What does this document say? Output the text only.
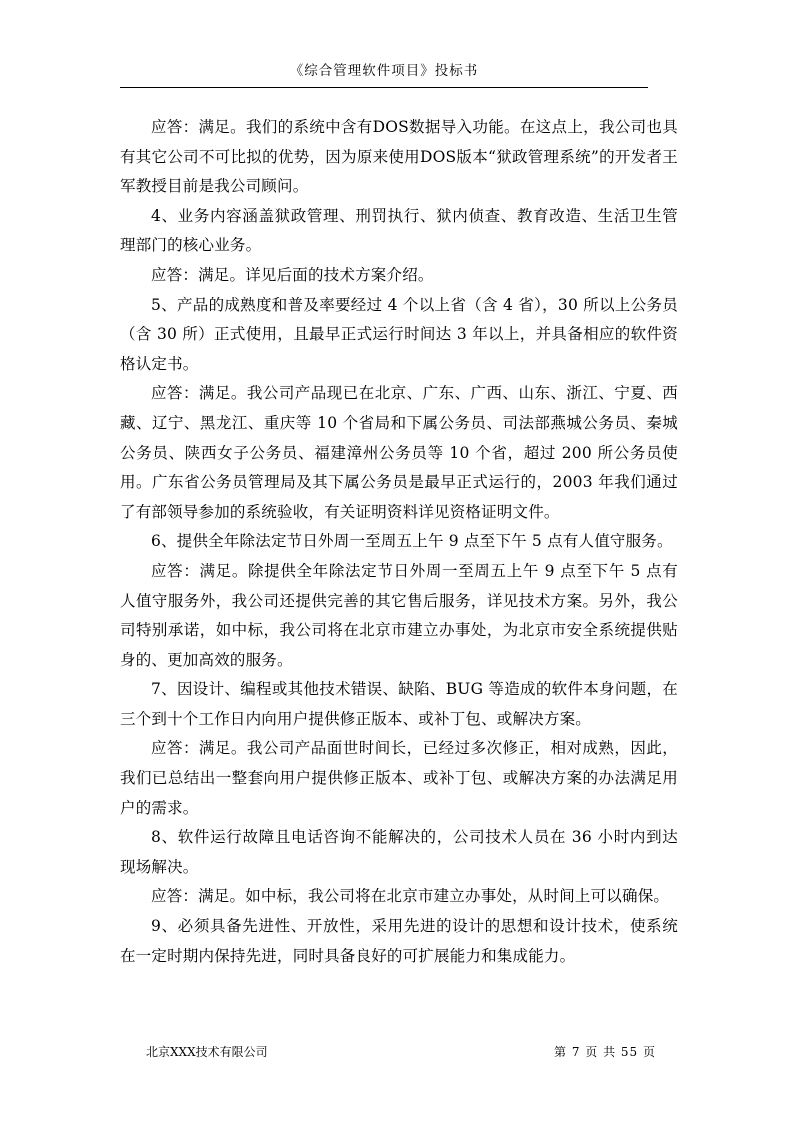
《综合管理软件项目》投标书

应答：满足。我们的系统中含有DOS数据导入功能。在这点上，我公司也具有其它公司不可比拟的优势，因为原来使用DOS版本“狱政管理系统”的开发者王军教授目前是我公司顾问。

4、业务内容涵盖狱政管理、刑罚执行、狱内侦查、教育改造、生活卫生管理部门的核心业务。

应答：满足。详见后面的技术方案介绍。

5、产品的成熟度和普及率要经过 4 个以上省（含 4 省），30 所以上公务员（含 30 所）正式使用，且最早正式运行时间达 3 年以上，并具备相应的软件资格认定书。

应答：满足。我公司产品现已在北京、广东、广西、山东、浙江、宁夏、西藏、辽宁、黑龙江、重庆等 10 个省局和下属公务员、司法部燕城公务员、秦城公务员、陕西女子公务员、福建漳州公务员等 10 个省，超过 200 所公务员使用。广东省公务员管理局及其下属公务员是最早正式运行的，2003 年我们通过了有部领导参加的系统验收，有关证明资料详见资格证明文件。

6、提供全年除法定节日外周一至周五上午 9 点至下午 5 点有人值守服务。

应答：满足。除提供全年除法定节日外周一至周五上午 9 点至下午 5 点有人值守服务外，我公司还提供完善的其它售后服务，详见技术方案。另外，我公司特别承诺，如中标，我公司将在北京市建立办事处，为北京市安全系统提供贴身的、更加高效的服务。

7、因设计、编程或其他技术错误、缺陷、BUG 等造成的软件本身问题，在三个到十个工作日内向用户提供修正版本、或补丁包、或解决方案。

应答：满足。我公司产品面世时间长，已经过多次修正，相对成熟，因此，我们已总结出一整套向用户提供修正版本、或补丁包、或解决方案的办法满足用户的需求。

8、软件运行故障且电话咨询不能解决的，公司技术人员在 36 小时内到达现场解决。

应答：满足。如中标，我公司将在北京市建立办事处，从时间上可以确保。

9、必须具备先进性、开放性，采用先进的设计的思想和设计技术，使系统在一定时期内保持先进，同时具备良好的可扩展能力和集成能力。

北京XXX技术有限公司	第 7 页 共 55 页
